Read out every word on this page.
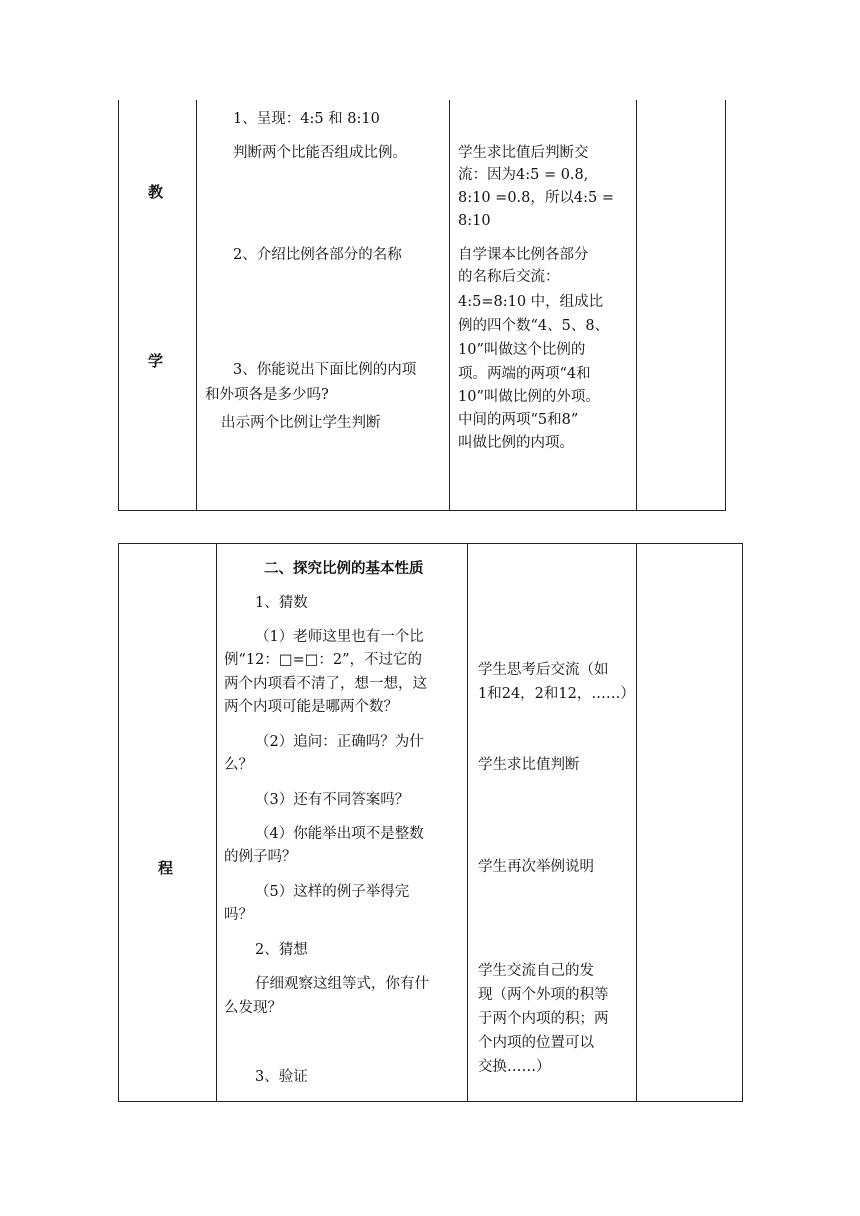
教
学
1、呈现：4:5 和 8:10
判断两个比能否组成比例。
2、介绍比例各部分的名称
3、你能说出下面比例的内项
和外项各是多少吗?
出示两个比例让学生判断
学生求比值后判断交
流：因为4:5 = 0.8,
8:10 =0.8，所以4:5 =
8:10
自学课本比例各部分
的名称后交流：
4:5=8:10 中，组成比
例的四个数“4、5、8、
10”叫做这个比例的
项。两端的两项“4和
10”叫做比例的外项。
中间的两项“5和8”
叫做比例的内项。
程
二、探究比例的基本性质
1、猜数
（1）老师这里也有一个比
例“12：□=□：2”，不过它的
两个内项看不清了，想一想，这
两个内项可能是哪两个数？
（2）追问：正确吗？为什
么？
（3）还有不同答案吗？
（4）你能举出项不是整数
的例子吗？
（5）这样的例子举得完
吗？
2、猜想
仔细观察这组等式，你有什
么发现？
3、验证
学生思考后交流（如
1和24，2和12，……）
学生求比值判断
学生再次举例说明
学生交流自己的发
现（两个外项的积等
于两个内项的积；两
个内项的位置可以
交换……）
